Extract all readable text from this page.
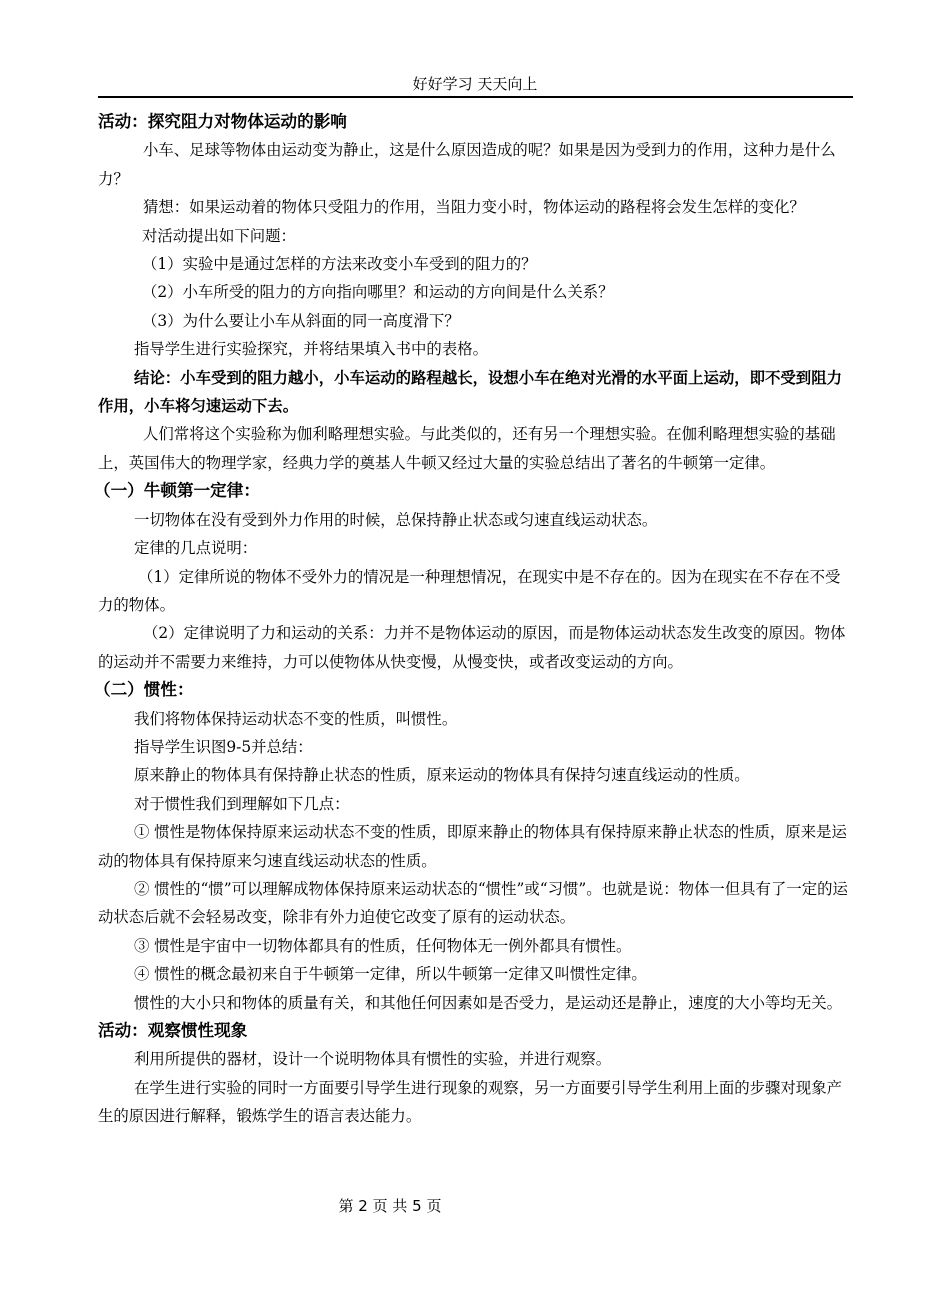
好好学习 天天向上

活动：探究阻力对物体运动的影响

小车、足球等物体由运动变为静止，这是什么原因造成的呢？如果是因为受到力的作用，这种力是什么力？

猜想：如果运动着的物体只受阻力的作用，当阻力变小时，物体运动的路程将会发生怎样的变化？

对活动提出如下问题：

（1）实验中是通过怎样的方法来改变小车受到的阻力的？

（2）小车所受的阻力的方向指向哪里？和运动的方向间是什么关系？

（3）为什么要让小车从斜面的同一高度滑下？

指导学生进行实验探究，并将结果填入书中的表格。

结论：小车受到的阻力越小，小车运动的路程越长，设想小车在绝对光滑的水平面上运动，即不受到阻力作用，小车将匀速运动下去。

人们常将这个实验称为伽利略理想实验。与此类似的，还有另一个理想实验。在伽利略理想实验的基础上，英国伟大的物理学家，经典力学的奠基人牛顿又经过大量的实验总结出了著名的牛顿第一定律。

（一）牛顿第一定律：

一切物体在没有受到外力作用的时候，总保持静止状态或匀速直线运动状态。

定律的几点说明：

（1）定律所说的物体不受外力的情况是一种理想情况，在现实中是不存在的。因为在现实在不存在不受力的物体。

（2）定律说明了力和运动的关系：力并不是物体运动的原因，而是物体运动状态发生改变的原因。物体的运动并不需要力来维持，力可以使物体从快变慢，从慢变快，或者改变运动的方向。

（二）惯性：

我们将物体保持运动状态不变的性质，叫惯性。

指导学生识图9-5并总结：

原来静止的物体具有保持静止状态的性质，原来运动的物体具有保持匀速直线运动的性质。

对于惯性我们到理解如下几点：

① 惯性是物体保持原来运动状态不变的性质，即原来静止的物体具有保持原来静止状态的性质，原来是运动的物体具有保持原来匀速直线运动状态的性质。

② 惯性的“惯”可以理解成物体保持原来运动状态的“惯性”或“习惯”。也就是说：物体一但具有了一定的运动状态后就不会轻易改变，除非有外力迫使它改变了原有的运动状态。

③ 惯性是宇宙中一切物体都具有的性质，任何物体无一例外都具有惯性。

④ 惯性的概念最初来自于牛顿第一定律，所以牛顿第一定律又叫惯性定律。

惯性的大小只和物体的质量有关，和其他任何因素如是否受力，是运动还是静止，速度的大小等均无关。

活动：观察惯性现象

利用所提供的器材，设计一个说明物体具有惯性的实验，并进行观察。

在学生进行实验的同时一方面要引导学生进行现象的观察，另一方面要引导学生利用上面的步骤对现象产生的原因进行解释，锻炼学生的语言表达能力。

第 2 页 共 5 页
